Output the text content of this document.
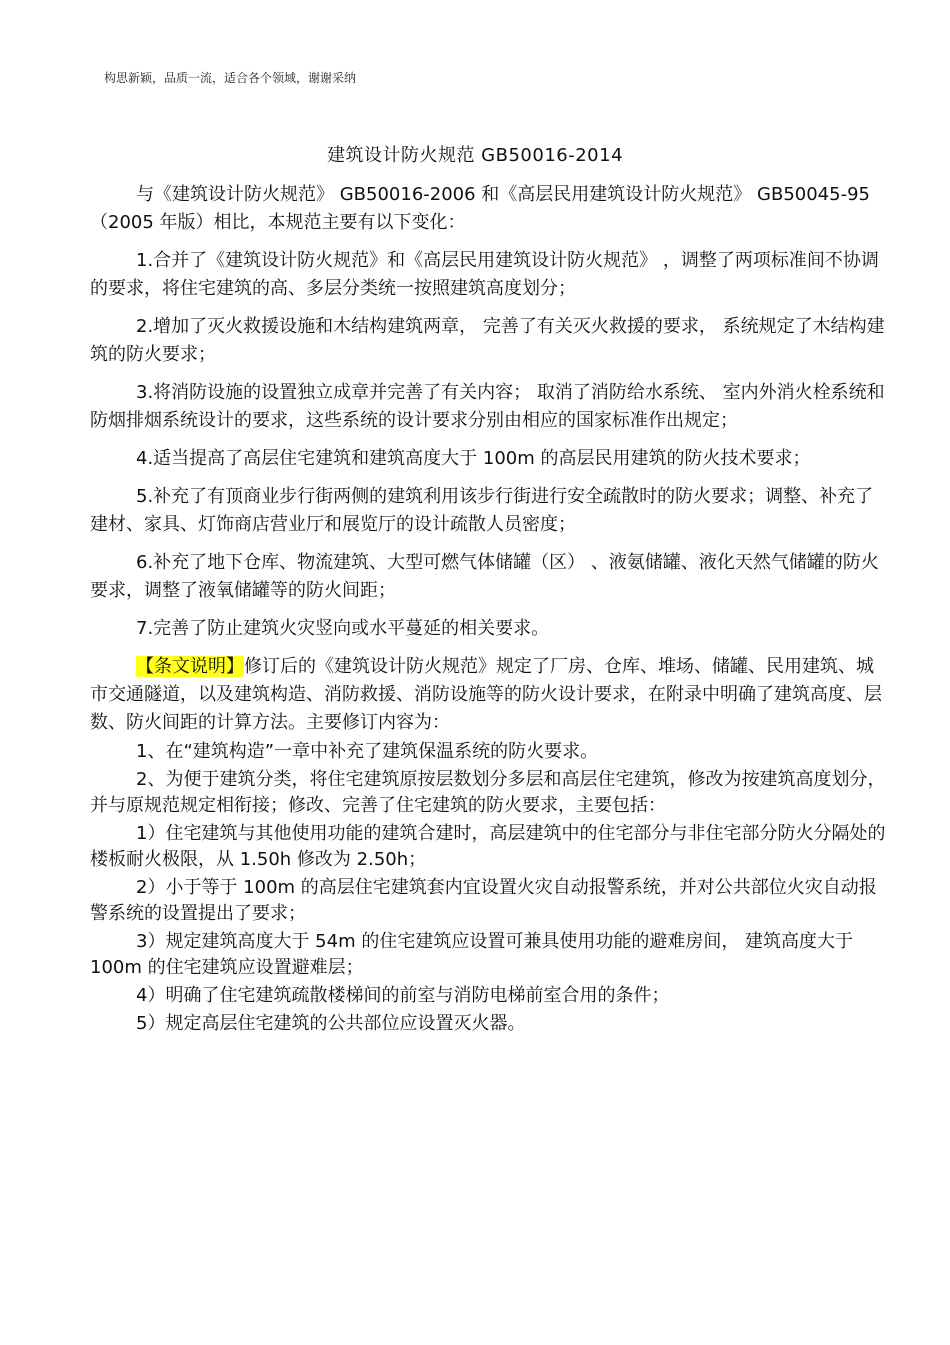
构思新颖，品质一流，适合各个领域，谢谢采纳
建筑设计防火规范 GB50016-2014

与《建筑设计防火规范》 GB50016-2006 和《高层民用建筑设计防火规范》 GB50045-95 （2005 年版）相比，本规范主要有以下变化：

1.合并了《建筑设计防火规范》和《高层民用建筑设计防火规范》 ，调整了两项标准间不协调的要求，将住宅建筑的高、多层分类统一按照建筑高度划分；

2.增加了灭火救援设施和木结构建筑两章， 完善了有关灭火救援的要求， 系统规定了木结构建筑的防火要求；

3.将消防设施的设置独立成章并完善了有关内容； 取消了消防给水系统、 室内外消火栓系统和防烟排烟系统设计的要求，这些系统的设计要求分别由相应的国家标准作出规定；

4.适当提高了高层住宅建筑和建筑高度大于 100m 的高层民用建筑的防火技术要求；

5.补充了有顶商业步行街两侧的建筑利用该步行街进行安全疏散时的防火要求；调整、补充了建材、家具、灯饰商店营业厅和展览厅的设计疏散人员密度；

6.补充了地下仓库、物流建筑、大型可燃气体储罐（区） 、液氨储罐、液化天然气储罐的防火要求，调整了液氧储罐等的防火间距；

7.完善了防止建筑火灾竖向或水平蔓延的相关要求。

【条文说明】修订后的《建筑设计防火规范》规定了厂房、仓库、堆场、储罐、民用建筑、城市交通隧道，以及建筑构造、消防救援、消防设施等的防火设计要求，在附录中明确了建筑高度、层数、防火间距的计算方法。主要修订内容为：

1、在“建筑构造”一章中补充了建筑保温系统的防火要求。

2、为便于建筑分类，将住宅建筑原按层数划分多层和高层住宅建筑，修改为按建筑高度划分，并与原规范规定相衔接；修改、完善了住宅建筑的防火要求，主要包括：

1）住宅建筑与其他使用功能的建筑合建时，高层建筑中的住宅部分与非住宅部分防火分隔处的楼板耐火极限，从 1.50h 修改为 2.50h；

2）小于等于 100m 的高层住宅建筑套内宜设置火灾自动报警系统，并对公共部位火灾自动报警系统的设置提出了要求；

3）规定建筑高度大于 54m 的住宅建筑应设置可兼具使用功能的避难房间， 建筑高度大于 100m 的住宅建筑应设置避难层；

4）明确了住宅建筑疏散楼梯间的前室与消防电梯前室合用的条件；

5）规定高层住宅建筑的公共部位应设置灭火器。
